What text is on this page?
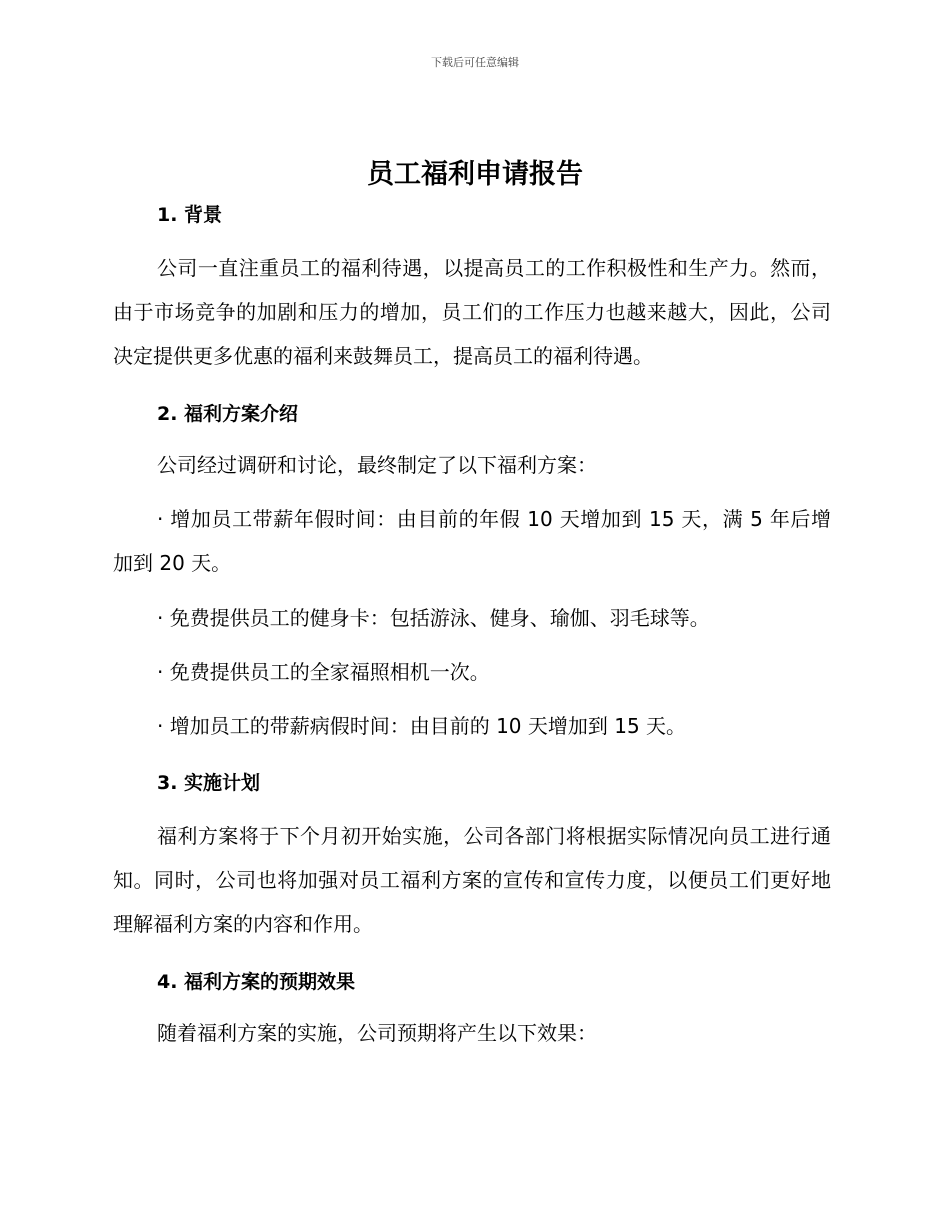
下载后可任意编辑
员工福利申请报告
1. 背景

公司一直注重员工的福利待遇，以提高员工的工作积极性和生产力。然而，由于市场竞争的加剧和压力的增加，员工们的工作压力也越来越大，因此，公司决定提供更多优惠的福利来鼓舞员工，提高员工的福利待遇。

2. 福利方案介绍

公司经过调研和讨论，最终制定了以下福利方案：

· 增加员工带薪年假时间：由目前的年假 10 天增加到 15 天，满 5 年后增加到 20 天。

· 免费提供员工的健身卡：包括游泳、健身、瑜伽、羽毛球等。

· 免费提供员工的全家福照相机一次。

· 增加员工的带薪病假时间：由目前的 10 天增加到 15 天。

3. 实施计划

福利方案将于下个月初开始实施，公司各部门将根据实际情况向员工进行通知。同时，公司也将加强对员工福利方案的宣传和宣传力度，以便员工们更好地理解福利方案的内容和作用。

4. 福利方案的预期效果

随着福利方案的实施，公司预期将产生以下效果：
